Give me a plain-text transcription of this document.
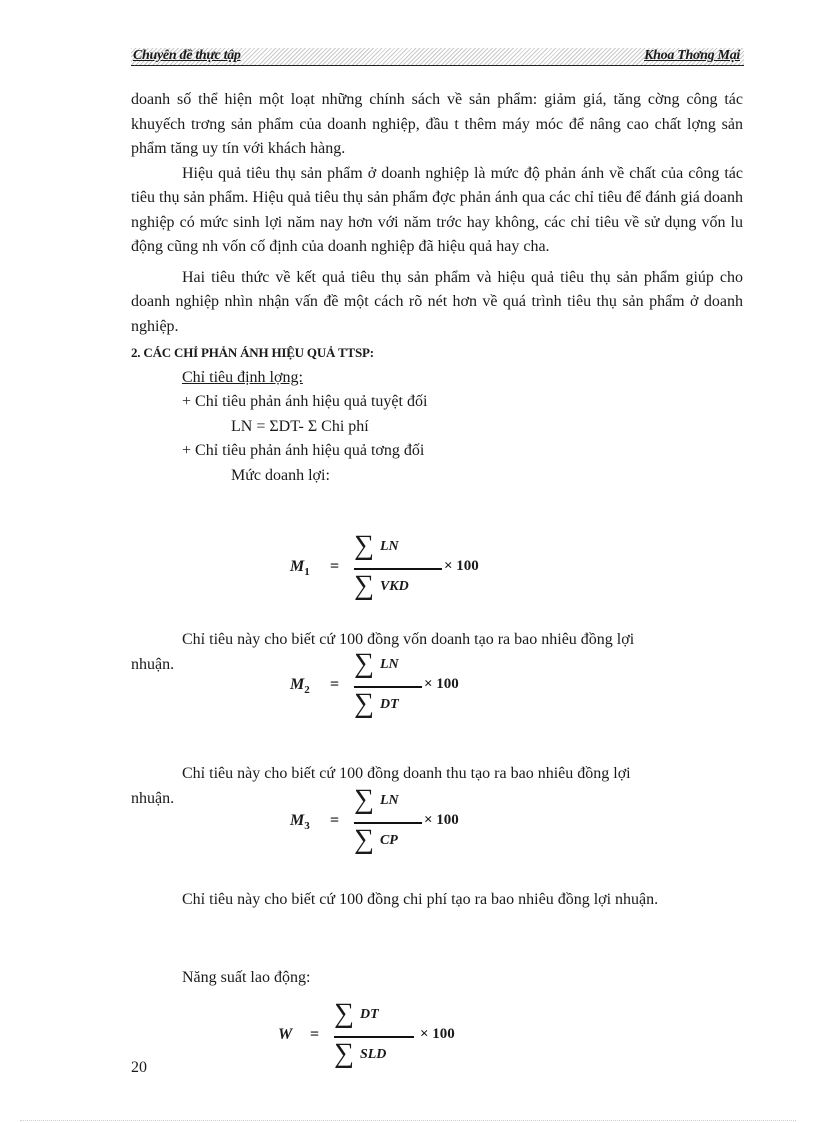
Chuyên đề thực tập	Khoa Thơng Mại

doanh số thể hiện một loạt những chính sách về sản phẩm: giảm giá, tăng cờng công tác khuyếch trơng sản phẩm của doanh nghiệp, đầu t thêm máy móc để nâng cao chất lợng sản phẩm tăng uy tín với khách hàng.

Hiệu quả tiêu thụ sản phẩm ở doanh nghiệp là mức độ phản ánh về chất của công tác tiêu thụ sản phẩm. Hiệu quả tiêu thụ sản phẩm đợc phản ánh qua các chỉ tiêu để đánh giá doanh nghiệp có mức sinh lợi năm nay hơn với năm trớc hay không, các chỉ tiêu về sử dụng vốn lu động cũng nh vốn cố định của doanh nghiệp đã hiệu quả hay cha.

Hai tiêu thức về kết quả tiêu thụ sản phẩm và hiệu quả tiêu thụ sản phẩm giúp cho doanh nghiệp nhìn nhận vấn đề một cách rõ nét hơn về quá trình tiêu thụ sản phẩm ở doanh nghiệp.

2. CÁC CHỈ PHẢN ÁNH HIỆU QUẢ TTSP:
Chỉ tiêu định lợng:
+ Chỉ tiêu phản ánh hiệu quả tuyệt đối
LN = ΣDT- Σ Chi phí
+ Chỉ tiêu phản ánh hiệu quả tơng đối
Mức doanh lợi:
$M_1$ =
∑ LN
∑ VKD
× 100

Chỉ tiêu này cho biết cứ 100 đồng vốn doanh tạo ra bao nhiêu đồng lợi

nhuận.

$M_2$ =
∑ LN
∑ DT
× 100

Chỉ tiêu này cho biết cứ 100 đồng doanh thu tạo ra bao nhiêu đồng lợi

nhuận.

$M_3$ =
∑ LN
∑ CP
× 100

Chỉ tiêu này cho biết cứ 100 đồng chi phí tạo ra bao nhiêu đồng lợi nhuận.

Năng suất lao động:

W =
∑ DT
∑ SLD
× 100
20
